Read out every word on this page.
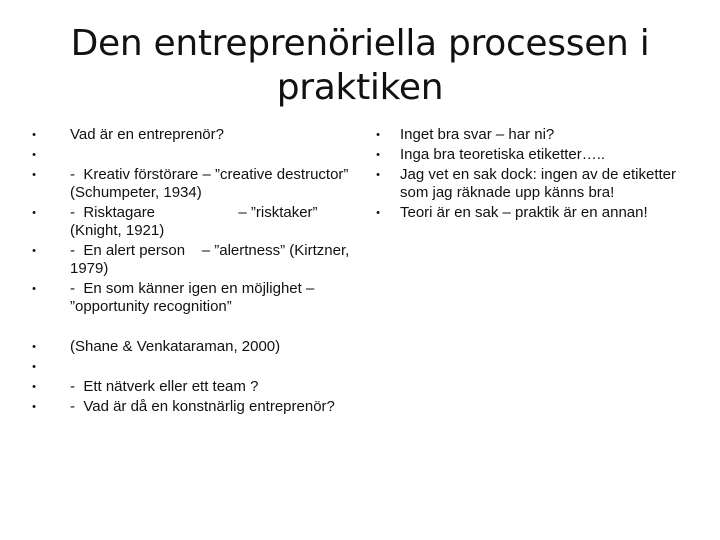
Den entreprenöriella processen i
praktiken
• Vad är en entreprenör?
•
• -  Kreativ förstörare – ”creative destructor” (Schumpeter, 1934)
• -  Risktagare                    – ”risktaker” (Knight, 1921)
• -  En alert person    – ”alertness” (Kirtzner, 1979)
• -  En som känner igen en möjlighet – ”opportunity recognition”
• (Shane & Venkataraman, 2000)
•
• -  Ett nätverk eller ett team ?
• -  Vad är då en konstnärlig entreprenör?
• Inget bra svar – har ni?
• Inga bra teoretiska etiketter…..
• Jag vet en sak dock: ingen av de etiketter som jag räknade upp känns bra!
• Teori är en sak – praktik är en annan!
